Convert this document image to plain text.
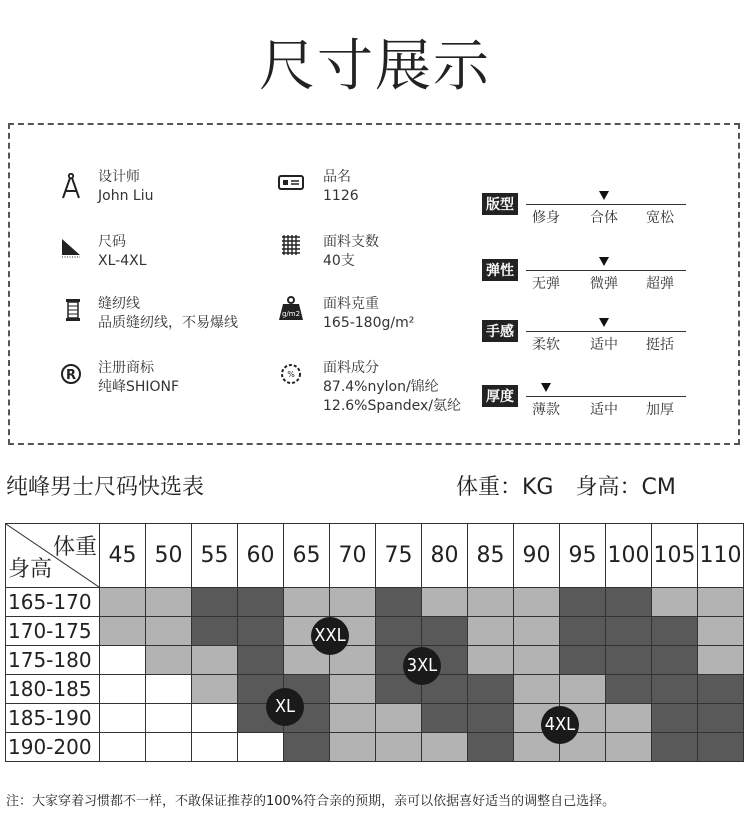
尺寸展示
设计师
John Liu
尺码
XL-4XL
缝纫线
品质缝纫线，不易爆线
R 注册商标
纯峰SHIONF
品名
1126
面料支数
40支
g/m2
面料克重
165-180g/m²
% 面料成分
87.4%nylon/锦纶
12.6%Spandex/氨纶
版型
修身 合体 宽松
弹性
无弹 微弹 超弹
手感
柔软 适中 挺括
厚度
薄款 适中 加厚
纯峰男士尺码快选表	体重：KG　身高：CM
体重
身高	45	50	55	60	65	70	75	80	85	90	95	100	105	110
165-170														
170-175														
175-180														
180-185														
185-190														
190-200														
XXL
3XL
XL
4XL
注：大家穿着习惯都不一样，不敢保证推荐的100%符合亲的预期，亲可以依据喜好适当的调整自己选择。
